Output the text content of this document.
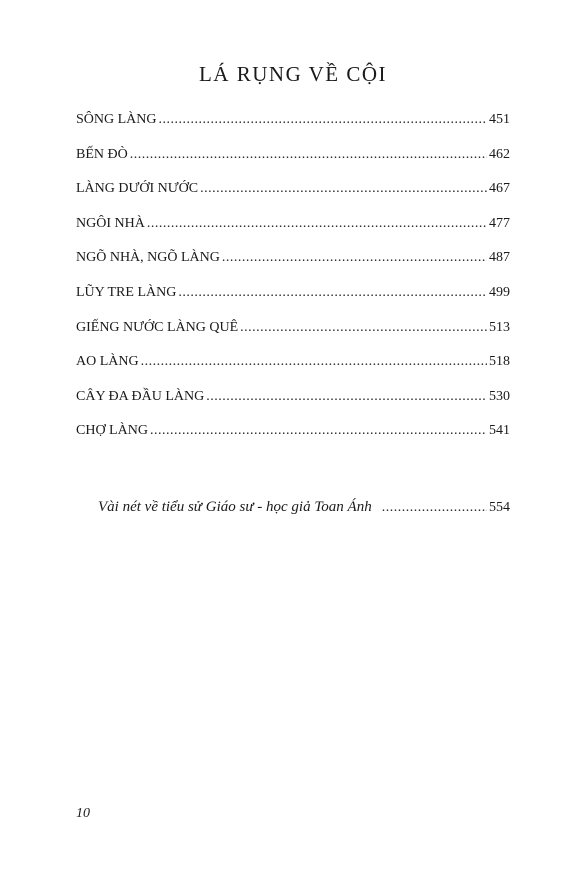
LÁ RỤNG VỀ CỘI
SÔNG LÀNG .....	451
BẾN ĐÒ .....	462
LÀNG DƯỚI NƯỚC .....	467
NGÔI NHÀ .....	477
NGÕ NHÀ, NGÕ LÀNG .....	487
LŨY TRE LÀNG .....	499
GIẾNG NƯỚC LÀNG QUÊ .....	513
AO LÀNG .....	518
CÂY ĐA ĐẦU LÀNG .....	530
CHỢ LÀNG .....	541
Vài nét về tiểu sử Giáo sư - học giả Toan Ánh .....	554
10
